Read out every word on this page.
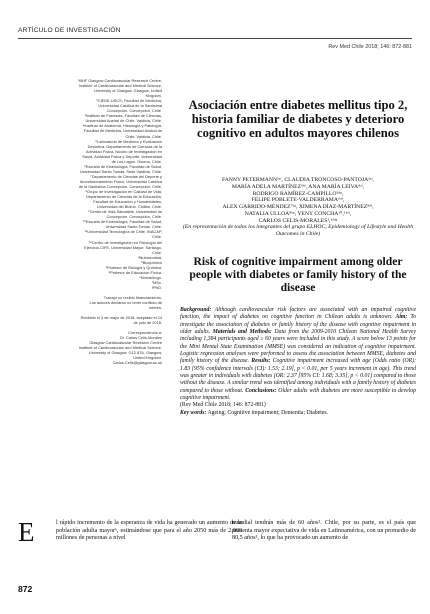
ARTÍCULO DE INVESTIGACIÓN
Rev Med Chile 2018; 146: 872-881

¹BHF Glasgow Cardiovascular Research Centre,

Institute of Cardiovascular and Medical Science,

University of Glasgow. Glasgow, United

Kingdom.

²CIEDE-USCS, Facultad de Medicina,

Universidad Católica de la Santísima

Concepción. Concepción, Chile.

³Instituto de Farmacia, Facultad de Ciencias,

Universidad Austral de Chile. Valdivia, Chile.

⁴Instituto de Anatomía, Histología y Patología,

Facultad de Medicina, Universidad Austral de

Chile, Valdivia, Chile.

⁵Laboratorio de Medición y Evaluación

Deportiva. Departamento de Ciencias de la

Actividad Física, Núcleo de Investigación en

Salud, Actividad Física y Deporte. Universidad

de Los Lagos. Osorno, Chile.

⁶Escuela de Kinesiología, Facultad de Salud,

Universidad Santo Tomás, Sede Valdivia. Chile.

⁷Departamento de Ciencias del Deporte y

Acondicionamiento Físico, Universidad Católica

de la Santísima Concepción. Concepción, Chile.

⁸Grupo de Investigación en Calidad de Vida,

Departamento de Ciencias de la Educación,

Facultad de Educación y Humanidades,

Universidad del Biobío. Chillán, Chile.

⁹Centro de Vida Saludable, Universidad de

Concepción. Concepción, Chile.

¹⁰Escuela de Kinesiología, Facultad de Salud,

Universidad Santo Tomás. Chile.

¹¹Universidad Tecnológica de Chile, INACAP,

Chile.

¹²Centro de Investigación en Fisiología del

Ejercicio-CIFE, Universidad Mayor. Santiago,

Chile.

ᵃNutricionista.

ᵇBioquímico

ᶜProfesor de Biología y Química.

ᵈProfesor de Educación Física.

ᵉKinesiólogo.

ᶠMSc.

ᵍPhD.

Trabajo no recibió financiamiento.

Los autores declaran no tener conflicto de

interés.

Recibido el 3 de mayo de 2018, aceptado el 24

de julio de 2018.

Correspondencia a:

Dr. Carlos Celis-Morales

Glasgow Cardiovascular Research Centre

Institute of Cardiovascular and Medical Science.

University of Glasgow. G12 8TA, Glasgow,

United Kingdom.

Carlos.Celis@glasgow.ac.uk

Asociación entre diabetes mellitus tipo 2, historia familiar de diabetes y deterioro cognitivo en adultos mayores chilenos
FANNY PETERMANN¹ᵃᶠ, CLAUDIA TRONCOSO-PANTOJA²ᵃᶠ,
MARÍA ADELA MARTÍNEZ³ᵇᶠ, ANA MARÍA LEIVA⁴ᶜᶠ,
RODRIGO RAMÍREZ-CAMPILLO⁵ᵈᵍ,
FELIPE POBLETE-VALDERRAMA⁶ᵈᶠ,
ALEX GARRIDO-MÉNDEZ⁷ᵈᵍ, XIMENA DÍAZ-MARTÍNEZ⁸ᵈᶠ,
NATALIA ULLOA⁹ᵇᵍ, YENY CONCHA¹⁰,¹¹ᵉᶠ,
CARLOS CELIS-MORALES¹,¹²ᵈᵍ
(En representación de todos los integrantes del grupo ELHOC, Epidemiology of Lifestyle and Health Outcomes in Chile)
Risk of cognitive impairment among older people with diabetes or family history of the disease
Background: Although cardiovascular risk factors are associated with an impaired cognitive function, the impact of diabetes on cognitive function in Chilean adults is unknown. Aim: To investigate the association of diabetes or family history of the disease with cognitive impairment in older adults. Materials and Methods: Data from the 2009-2010 Chilean National Health Survey including 1,384 participants aged ≥ 60 years were included in this study. A score below 13 points for the Mini Mental State Examination (MMSE) was considered an indication of cognitive impairment. Logistic regression analyses were performed to assess the association between MMSE, diabetes and family history of the disease. Results: Cognitive impairment increased with age (Odds ratio (OR): 1.83 [95% confidence intervals (CI): 1.53; 2.19], p < 0.01, per 5 years increment in age). This trend was greater in individuals with diabetes (OR: 2.37 [95% CI: 1.68; 3.35], p < 0.01) compared to those without the disease. A similar trend was identified among individuals with a family history of diabetes compared to those without. Conclusions: Older adults with diabetes are more susceptible to develop cognitive impairment.
(Rev Med Chile 2018; 146: 872-881)
Key words: Ageing; Cognitive impairment; Dementia; Diabetes.
E	l rápido incremento de la esperanza de vida ha generado un aumento de la población adulta mayor¹, estimándose que para el año 2050 más de 2.000 millones de personas a nivel
mundial tendrán más de 60 años². Chile, por su parte, es el país que presenta mayor expectativa de vida en Latinoamérica, con un promedio de 80,5 años³, lo que ha provocado un aumento de
872
